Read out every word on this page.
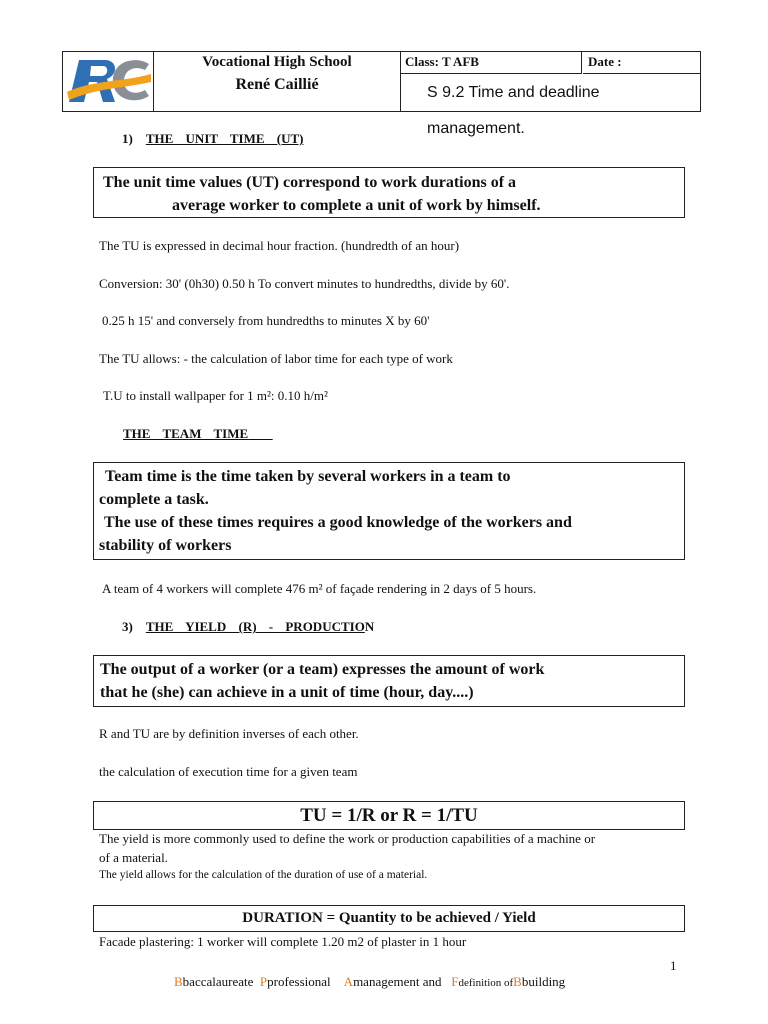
Vocational High School
René Caillié
Class: T AFB	Date :
S 9.2 Time and deadline management.
1) THE UNIT TIME (UT)
The unit time values (UT) correspond to work durations of a
average worker to complete a unit of work by himself.
The TU is expressed in decimal hour fraction. (hundredth of an hour)
Conversion: 30' (0h30) 0.50 h To convert minutes to hundredths, divide by 60'.
0.25 h 15' and conversely from hundredths to minutes X by 60'
The TU allows: - the calculation of labor time for each type of work
T.U to install wallpaper for 1 m²: 0.10 h/m²
THE TEAM TIME
Team time is the time taken by several workers in a team to
complete a task.
The use of these times requires a good knowledge of the workers and
stability of workers
A team of 4 workers will complete 476 m² of façade rendering in 2 days of 5 hours.
3) THE YIELD (R) - PRODUCTION
The output of a worker (or a team) expresses the amount of work
that he (she) can achieve in a unit of time (hour, day....)
R and TU are by definition inverses of each other.
the calculation of execution time for a given team
TU = 1/R or R = 1/TU
The yield is more commonly used to define the work or production capabilities of a machine or
of a material.
The yield allows for the calculation of the duration of use of a material.
DURATION = Quantity to be achieved / Yield
Facade plastering: 1 worker will complete 1.20 m2 of plaster in 1 hour
1
Bbaccalaureate Pprofessional Amanagement and Fdefinition ofBbuilding
